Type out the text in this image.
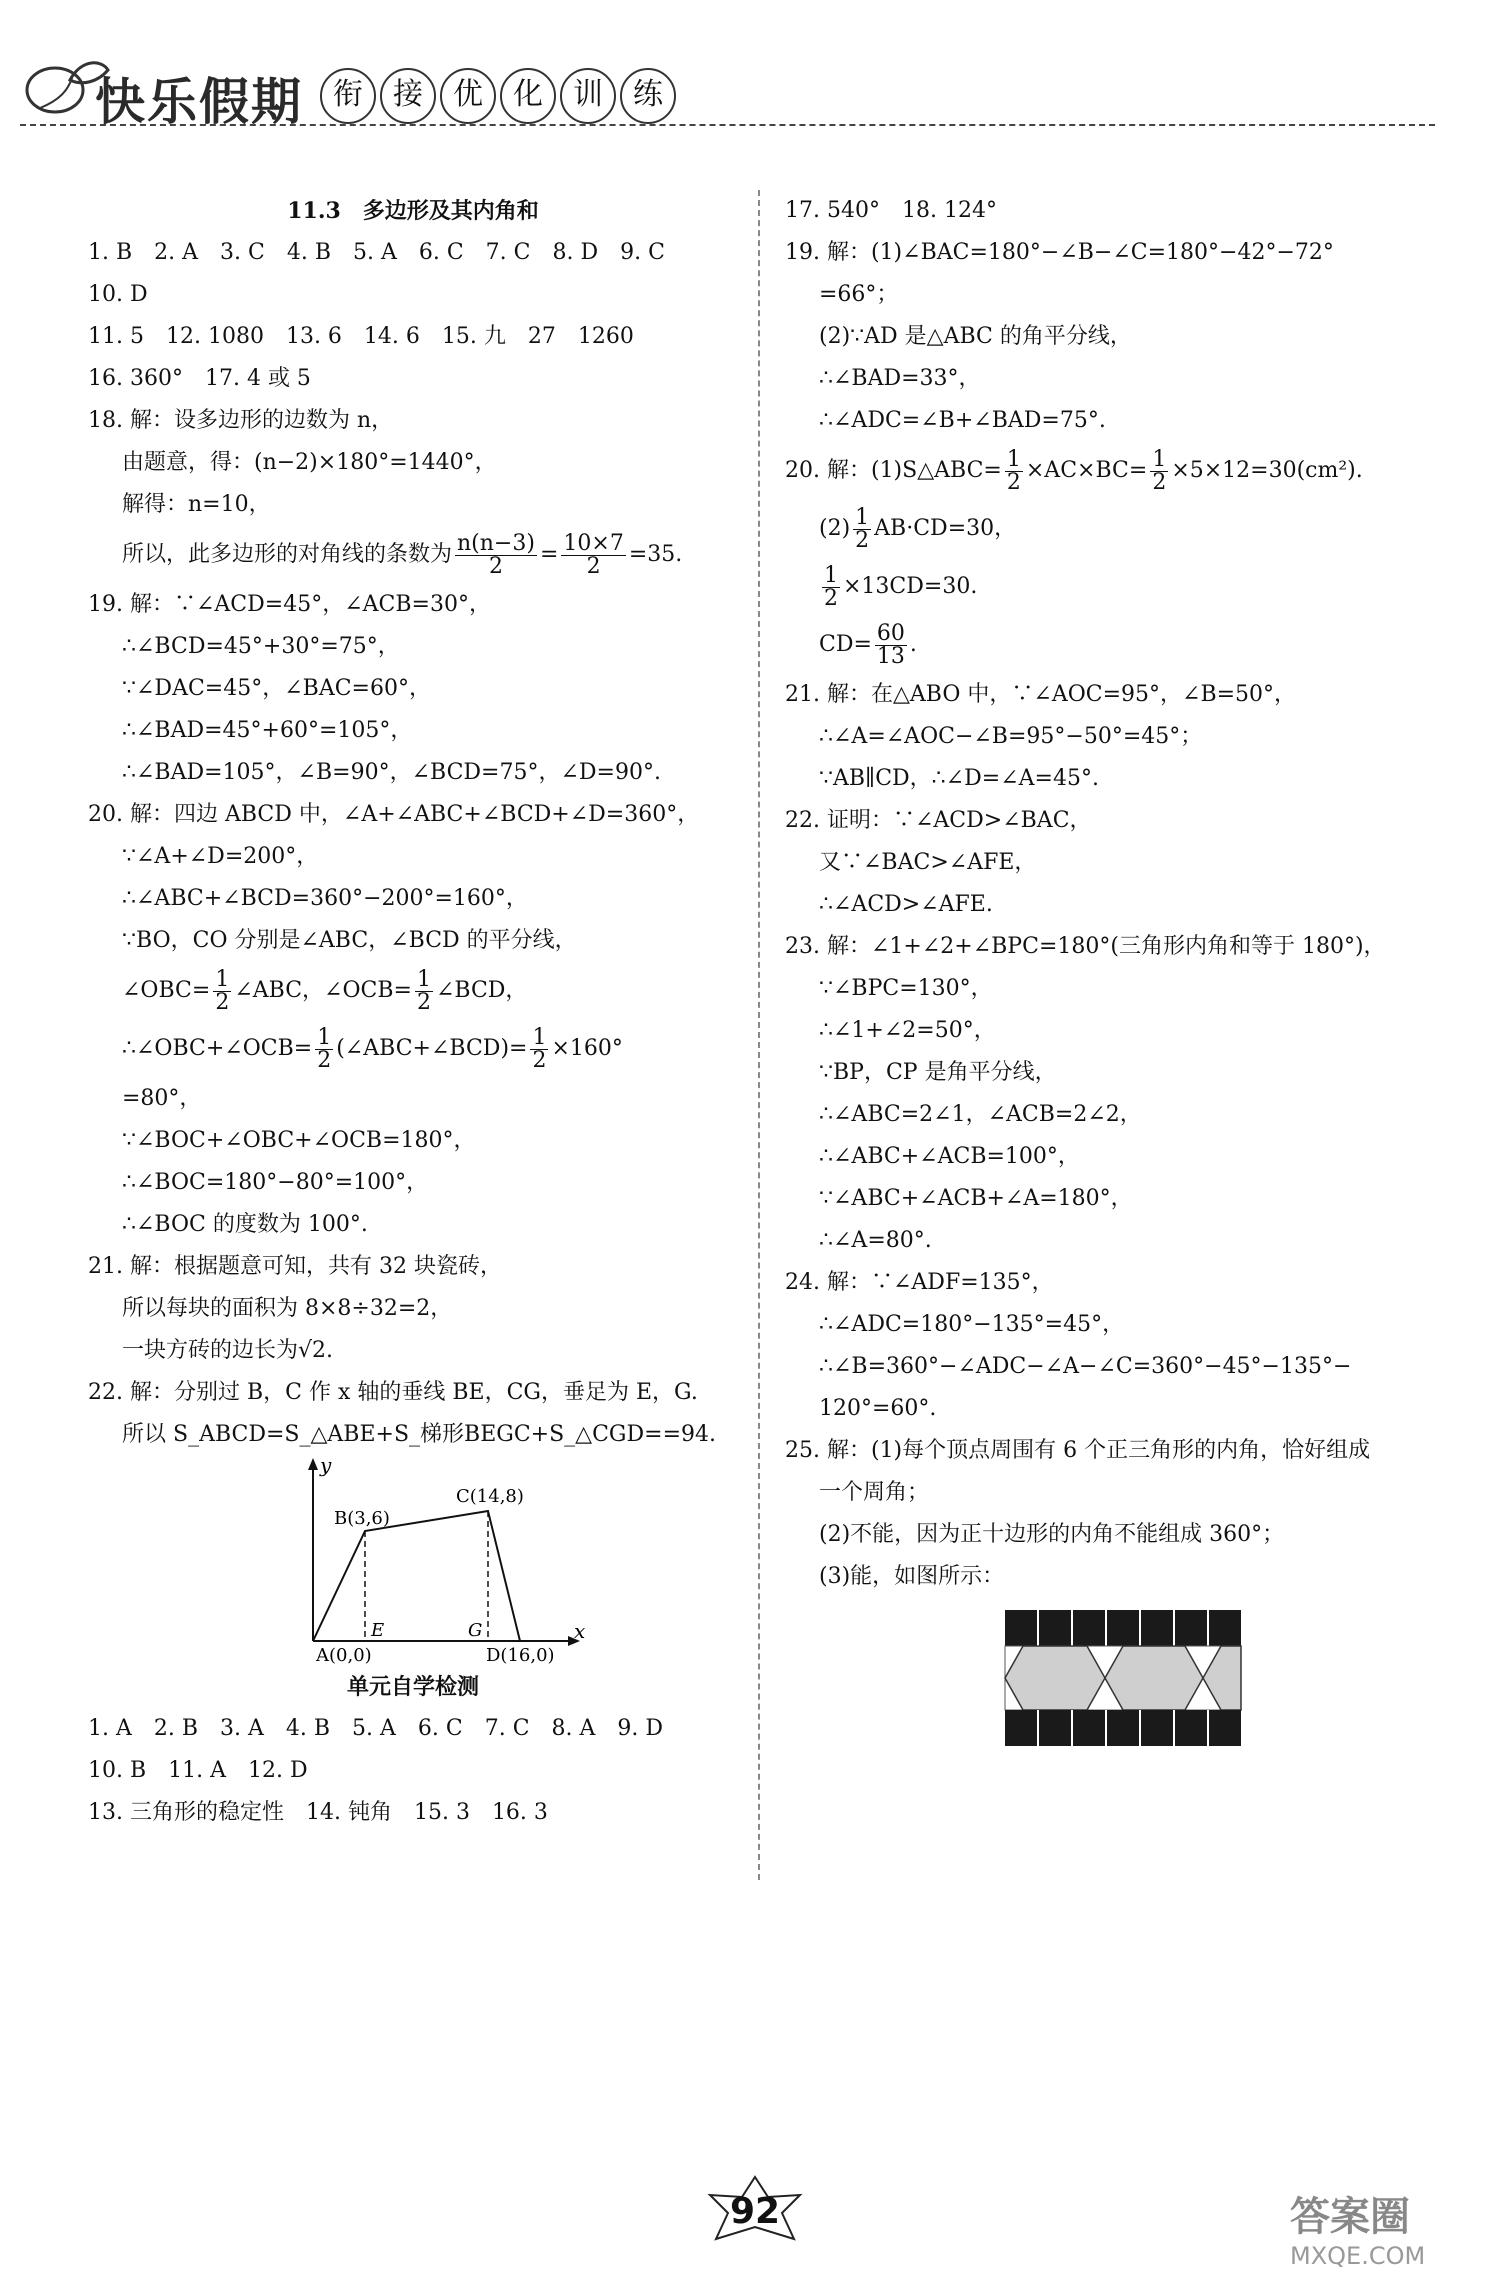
快乐假期	衔	接	优	化	训	练
11.3　多边形及其内角和
1. B　2. A　3. C　4. B　5. A　6. C　7. C　8. D　9. C
10. D
11. 5　12. 1080　13. 6　14. 6　15. 九　27　1260
16. 360°　17. 4 或 5
18. 解：设多边形的边数为 n，
由题意，得：(n−2)×180°=1440°，
解得：n=10，
所以，此多边形的对角线的条数为 $\frac{n(n-3)}{2} = \frac{10\times 7}{2} =35$.
19. 解：∵∠ACD=45°，∠ACB=30°，
∴∠BCD=45°+30°=75°，
∵∠DAC=45°，∠BAC=60°，
∴∠BAD=45°+60°=105°，
∴∠BAD=105°，∠B=90°，∠BCD=75°，∠D=90°.
20. 解：四边 ABCD 中，∠A+∠ABC+∠BCD+∠D=360°，
∵∠A+∠D=200°，
∴∠ABC+∠BCD=360°−200°=160°，
∵BO，CO 分别是∠ABC，∠BCD 的平分线，
∠OBC= $\frac{1}{2}$ ∠ABC，∠OCB= $\frac{1}{2}$ ∠BCD，
∴∠OBC+∠OCB= $\frac{1}{2}$ (∠ABC+∠BCD)= $\frac{1}{2} \times 160^\circ$
=80°，
∵∠BOC+∠OBC+∠OCB=180°，
∴∠BOC=180°−80°=100°，
∴∠BOC 的度数为 100°.
21. 解：根据题意可知，共有 32 块瓷砖，
所以每块的面积为 8×8÷32=2，
一块方砖的边长为√2.
22. 解：分别过 B，C 作 x 轴的垂线 BE，CG，垂足为 E，G.
所以 S_ABCD=S_△ABE+S_梯形BEGC+S_△CGD==94.
y
x
B(3,6)
C(14,8)
E	G
A(0,0)	D(16,0)
单元自学检测
1. A　2. B　3. A　4. B　5. A　6. C　7. C　8. A　9. D
10. B　11. A　12. D
13. 三角形的稳定性　14. 钝角　15. 3　16. 3
17. 540°　18. 124°
19. 解：(1)∠BAC=180°−∠B−∠C=180°−42°−72°
=66°；
(2)∵AD 是△ABC 的角平分线，
∴∠BAD=33°，
∴∠ADC=∠B+∠BAD=75°.
20. 解：(1)S△ABC= $\frac{1}{2} \times AC\times BC= \frac{1}{2} \times 5\times 12=30(cm^2)$.
$(2) \frac{1}{2} AB\cdot CD=30$，
$\frac{1}{2} \times 13CD=30$.
$CD= \frac{60}{13}$ .
21. 解：在△ABO 中，∵∠AOC=95°，∠B=50°，
∴∠A=∠AOC−∠B=95°−50°=45°；
∵AB∥CD，∴∠D=∠A=45°.
22. 证明：∵∠ACD>∠BAC，
又∵∠BAC>∠AFE，
∴∠ACD>∠AFE.
23. 解：∠1+∠2+∠BPC=180°(三角形内角和等于 180°)，
∵∠BPC=130°，
∴∠1+∠2=50°，
∵BP，CP 是角平分线，
∴∠ABC=2∠1，∠ACB=2∠2，
∴∠ABC+∠ACB=100°，
∵∠ABC+∠ACB+∠A=180°，
∴∠A=80°.
24. 解：∵∠ADF=135°，
∴∠ADC=180°−135°=45°，
∴∠B=360°−∠ADC−∠A−∠C=360°−45°−135°−
120°=60°.
25. 解：(1)每个顶点周围有 6 个正三角形的内角，恰好组成
一个周角；
(2)不能，因为正十边形的内角不能组成 360°；
(3)能，如图所示：
92	答案圈
MXQE.COM
